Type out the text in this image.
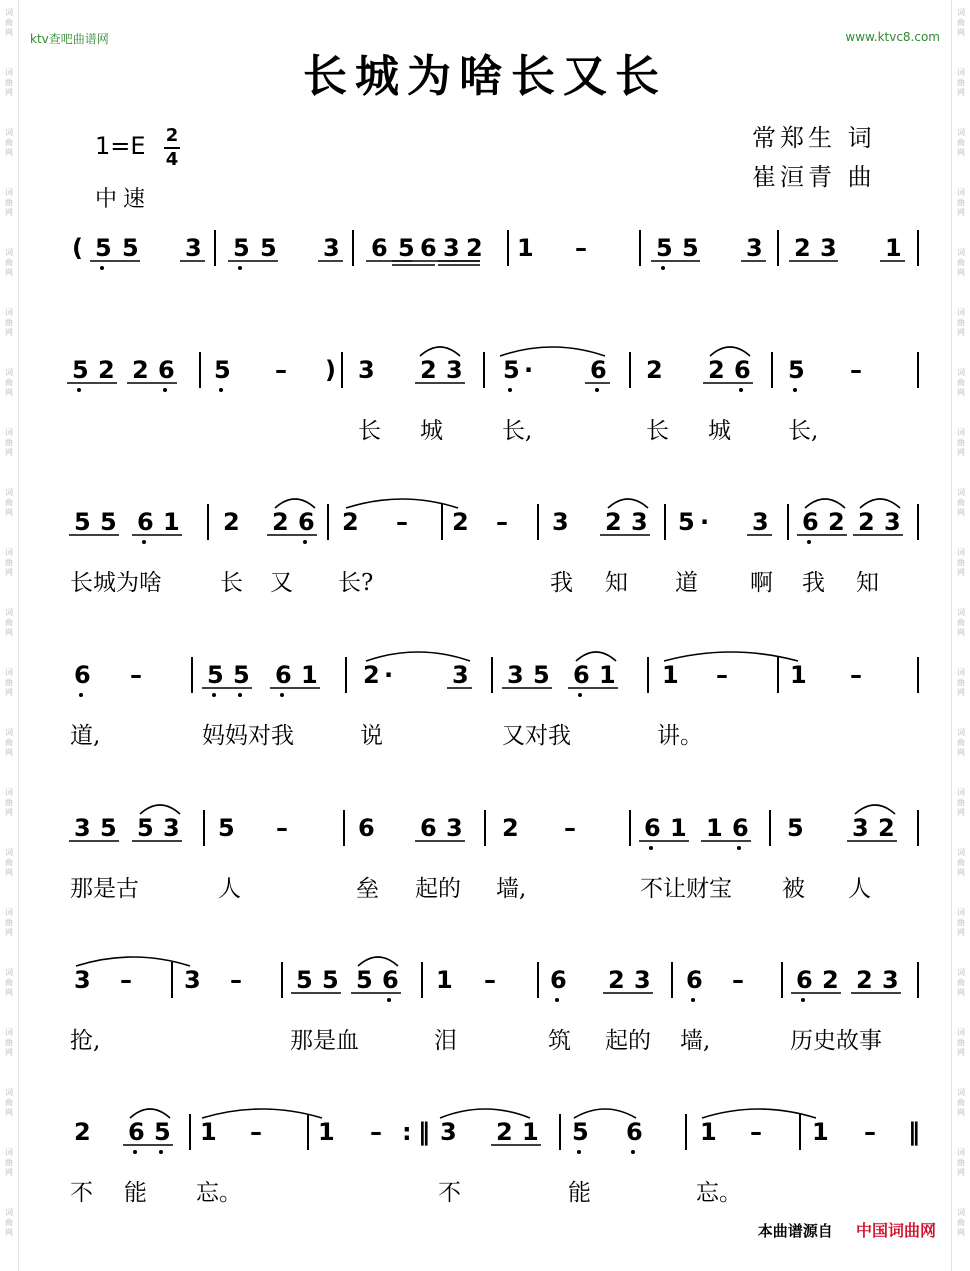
词
曲
网
词
曲
网
词
曲
网
词
曲
网
词
曲
网
词
曲
网
词
曲
网
词
曲
网
词
曲
网
词
曲
网
词
曲
网
词
曲
网
词
曲
网
词
曲
网
词
曲
网
词
曲
网
词
曲
网
词
曲
网
词
曲
网
词
曲
网
词
曲
网
词
曲
网
词
曲
网
词
曲
网
词
曲
网
词
曲
网
词
曲
网
词
曲
网
词
曲
网
词
曲
网
词
曲
网
词
曲
网
词
曲
网
词
曲
网
词
曲
网
词
曲
网
词
曲
网
词
曲
网
词
曲
网
词
曲
网
词
曲
网
词
曲
网
ktv查吧曲谱网	www.ktvc8.com
长城为啥长又长
1=E 2
4
中速
常郑生 词
崔洹青 曲
( 5 5 3 5 5 3 6 5 6 3 2 1 –	5 5 3 2 3 1
5 2 2 6 5 – ) 3 2 3 5 · 6 2 2 6 5 –
长 城	长,	长 城 长,
5 5 6 1 2 2 6 2 – 2 – 3 2 3 5 · 3 6 2 2 3
长城为啥	长 又 长?	我 知 道 啊 我 知
6 –	5 5 6 1 2 · 3 3 5 6 1 1 –	1 –
道,	妈妈对我	说	又对我	讲。
3 5 5 3 5 –	6 6 3 2 –	6 1 1 6 5 3 2
那是古	人	垒 起的 墙,	不让财宝 被 人
3 – 3 – 5 5 5 6 1 – 6 2 3 6 – 6 2 2 3
抢,	那是血	泪	筑 起的 墙,	历史故事
2 6 5 1 – 1 – : ‖ 3 2 1 5 6 1 – 1 – ‖
不 能 忘。	不	能	忘。
本曲谱源自 中国词曲网
